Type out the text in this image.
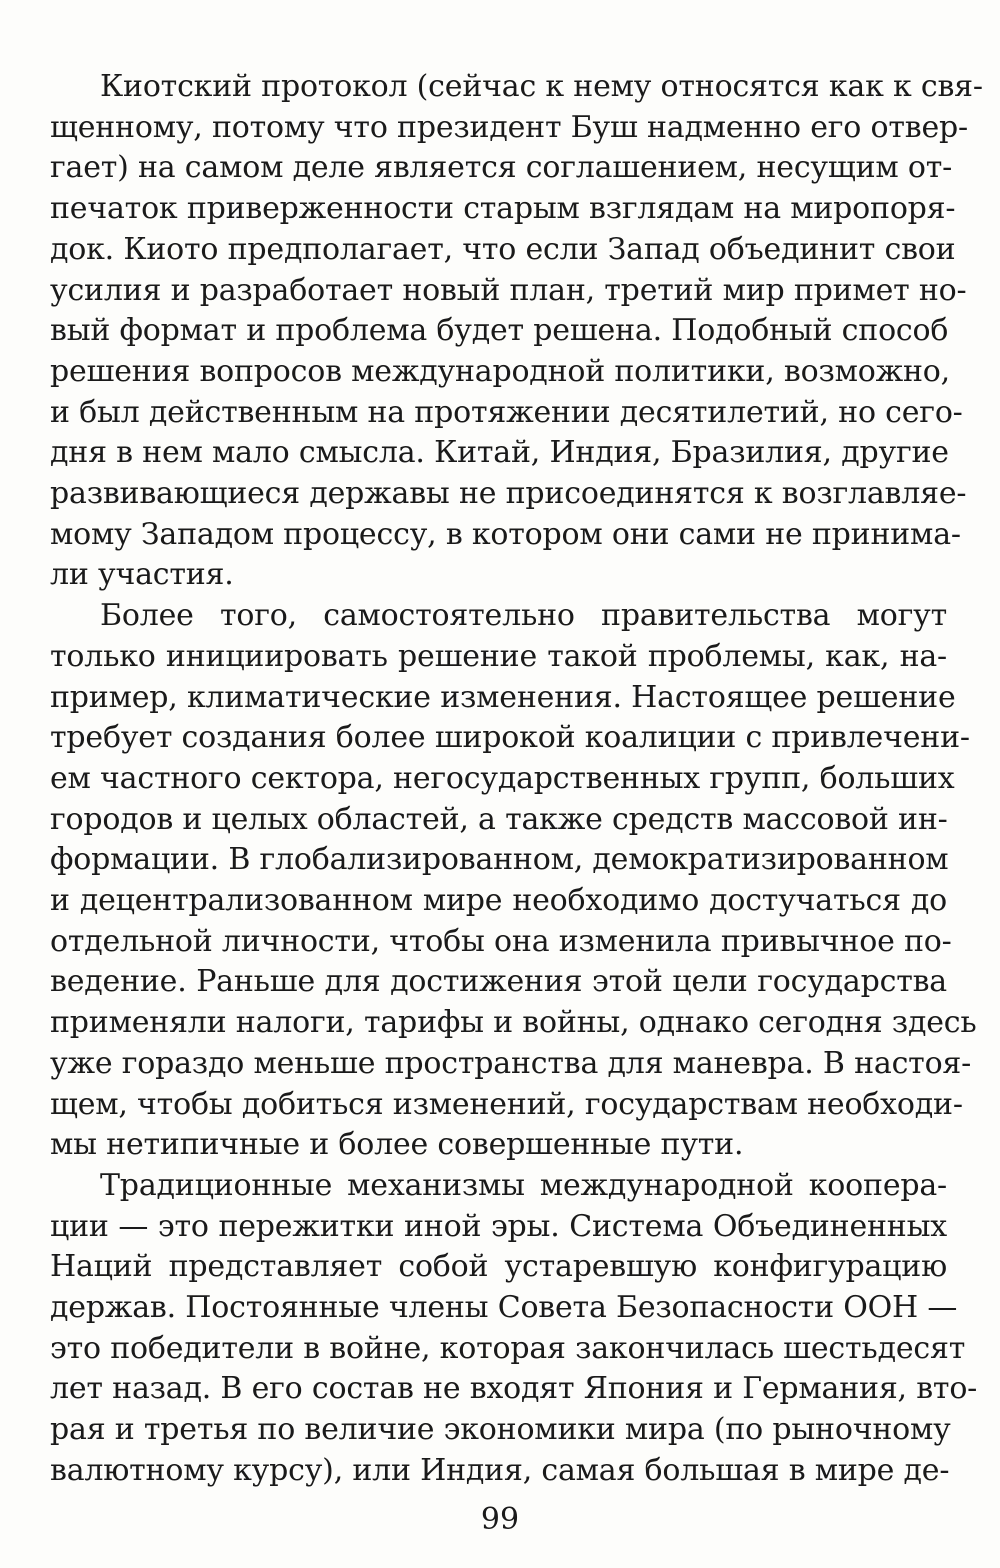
Киотский протокол (сейчас к нему относятся как к свя-

щенному, потому что президент Буш надменно его отвер-

гает) на самом деле является соглашением, несущим от-

печаток приверженности старым взглядам на миропоря-

док. Киото предполагает, что если Запад объединит свои

усилия и разработает новый план, третий мир примет но-

вый формат и проблема будет решена. Подобный способ

решения вопросов международной политики, возможно,

и был действенным на протяжении десятилетий, но сего-

дня в нем мало смысла. Китай, Индия, Бразилия, другие

развивающиеся державы не присоединятся к возглавляе-

мому Западом процессу, в котором они сами не принима-

ли участия.

Более того, самостоятельно правительства могут

только инициировать решение такой проблемы, как, на-

пример, климатические изменения. Настоящее решение

требует создания более широкой коалиции с привлечени-

ем частного сектора, негосударственных групп, больших

городов и целых областей, а также средств массовой ин-

формации. В глобализированном, демократизированном

и децентрализованном мире необходимо достучаться до

отдельной личности, чтобы она изменила привычное по-

ведение. Раньше для достижения этой цели государства

применяли налоги, тарифы и войны, однако сегодня здесь

уже гораздо меньше пространства для маневра. В настоя-

щем, чтобы добиться изменений, государствам необходи-

мы нетипичные и более совершенные пути.

Традиционные механизмы международной коопера-

ции — это пережитки иной эры. Система Объединенных

Наций представляет собой устаревшую конфигурацию

держав. Постоянные члены Совета Безопасности ООН —

это победители в войне, которая закончилась шестьдесят

лет назад. В его состав не входят Япония и Германия, вто-

рая и третья по величие экономики мира (по рыночному

валютному курсу), или Индия, самая большая в мире де-

99
